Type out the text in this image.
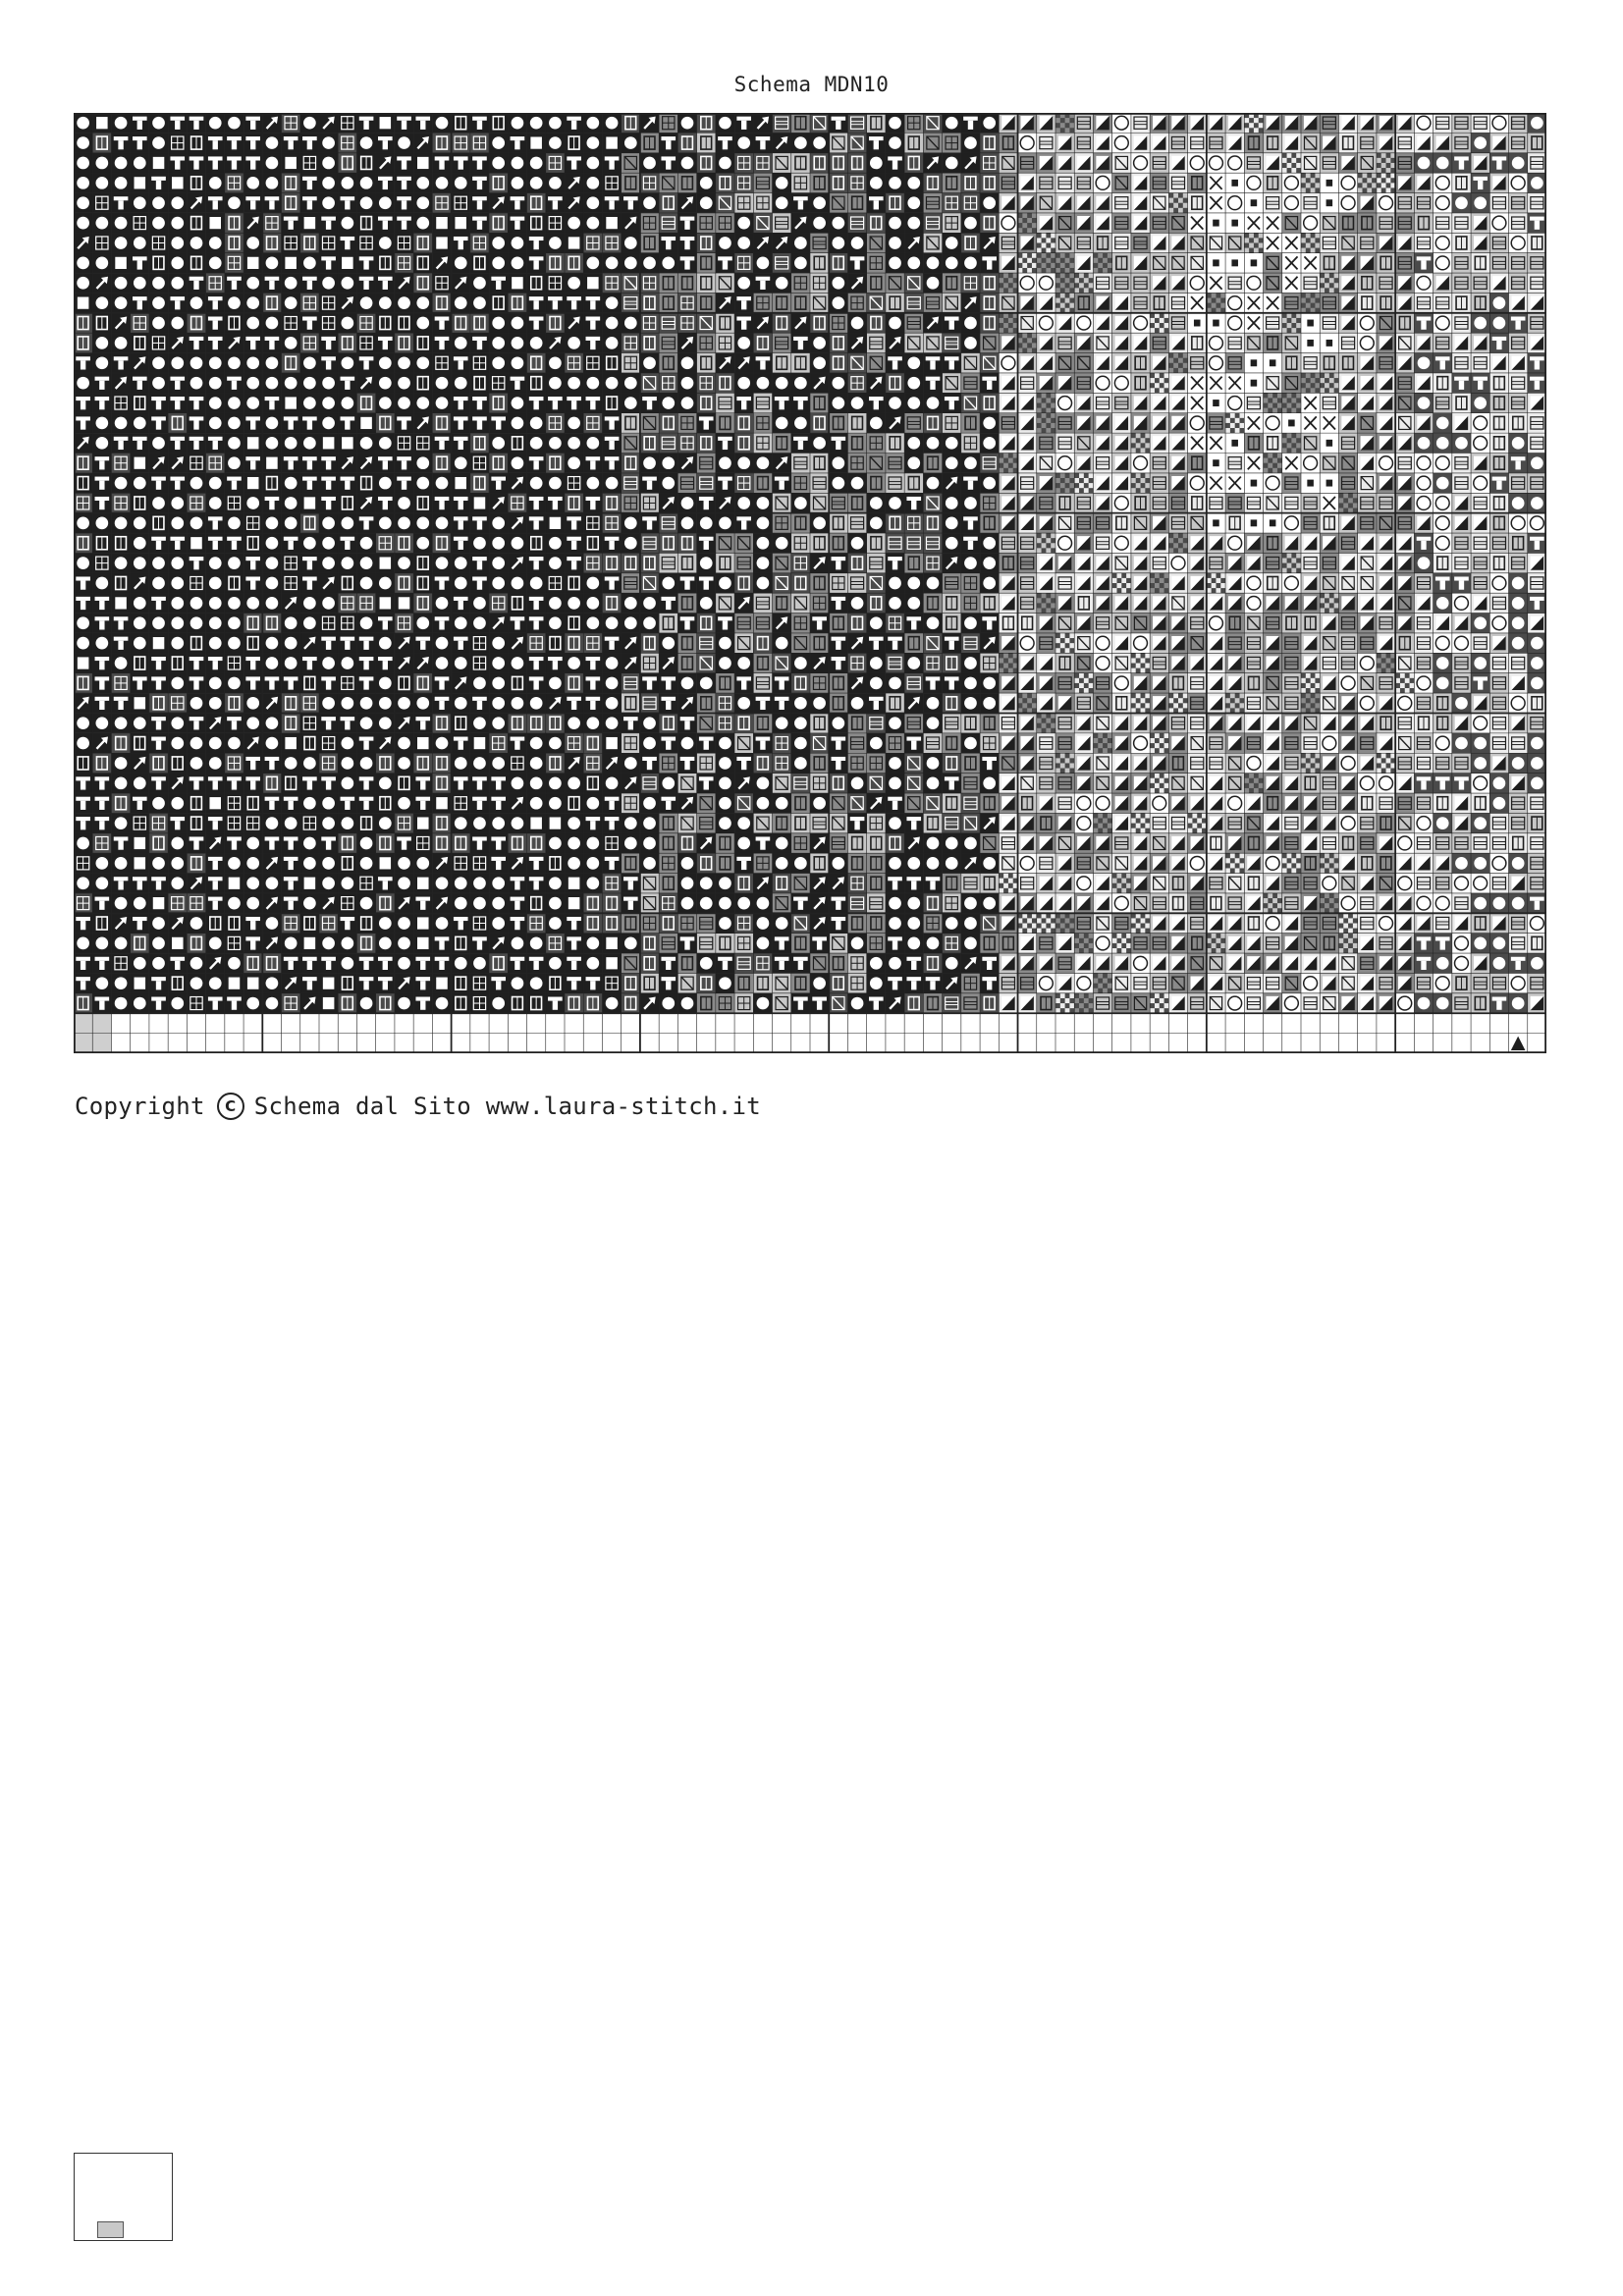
Schema MDN10
Copyright	C Schema dal Sito www.laura-stitch.it
